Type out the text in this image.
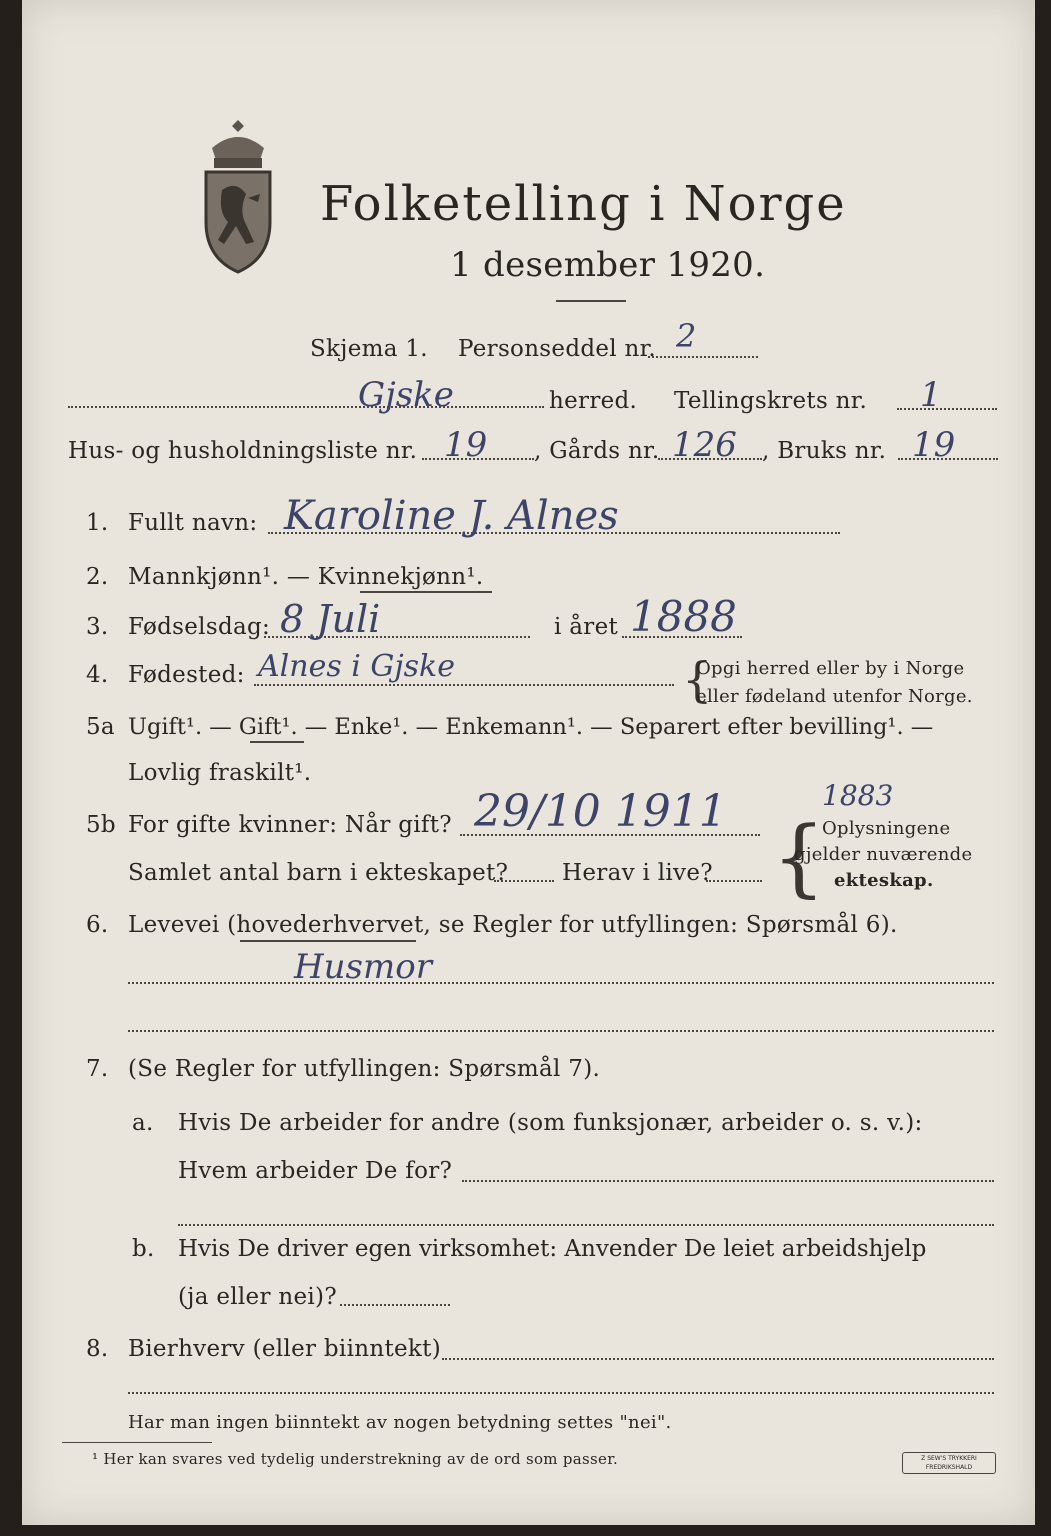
Folketelling i Norge
1 desember 1920.
Skjema 1. Personseddel nr. 2
Gjske	herred. Tellingskrets nr. 1
Hus- og husholdningsliste nr. 19 , Gårds nr. 126 , Bruks nr. 19
1. Fullt navn: Karoline J. Alnes
2. Mannkjønn¹. — Kvinnekjønn¹.
3. Fødselsdag: 8 Juli	i året 1888
4. Fødested: Alnes i Gjske	{
Opgi herred eller by i Norge
eller fødeland utenfor Norge.
5a Ugift¹. — Gift¹. — Enke¹. — Enkemann¹. — Separert efter bevilling¹. —
Lovlig fraskilt¹.
1883
5b For gifte kvinner: Når gift? 29/10 1911
Samlet antal barn i ekteskapet? Herav i live? {
Oplysningene
gjelder nuværende
ekteskap.
6. Levevei (hovederhvervet, se Regler for utfyllingen: Spørsmål 6).
Husmor
7. (Se Regler for utfyllingen: Spørsmål 7).
a. Hvis De arbeider for andre (som funksjonær, arbeider o. s. v.):
Hvem arbeider De for?
b. Hvis De driver egen virksomhet: Anvender De leiet arbeidshjelp
(ja eller nei)?
8. Bierhverv (eller biinntekt)
Har man ingen biinntekt av nogen betydning settes "nei".
¹ Her kan svares ved tydelig understrekning av de ord som passer.	Z SEW'S TRYKKERI FREDRIKSHALD
